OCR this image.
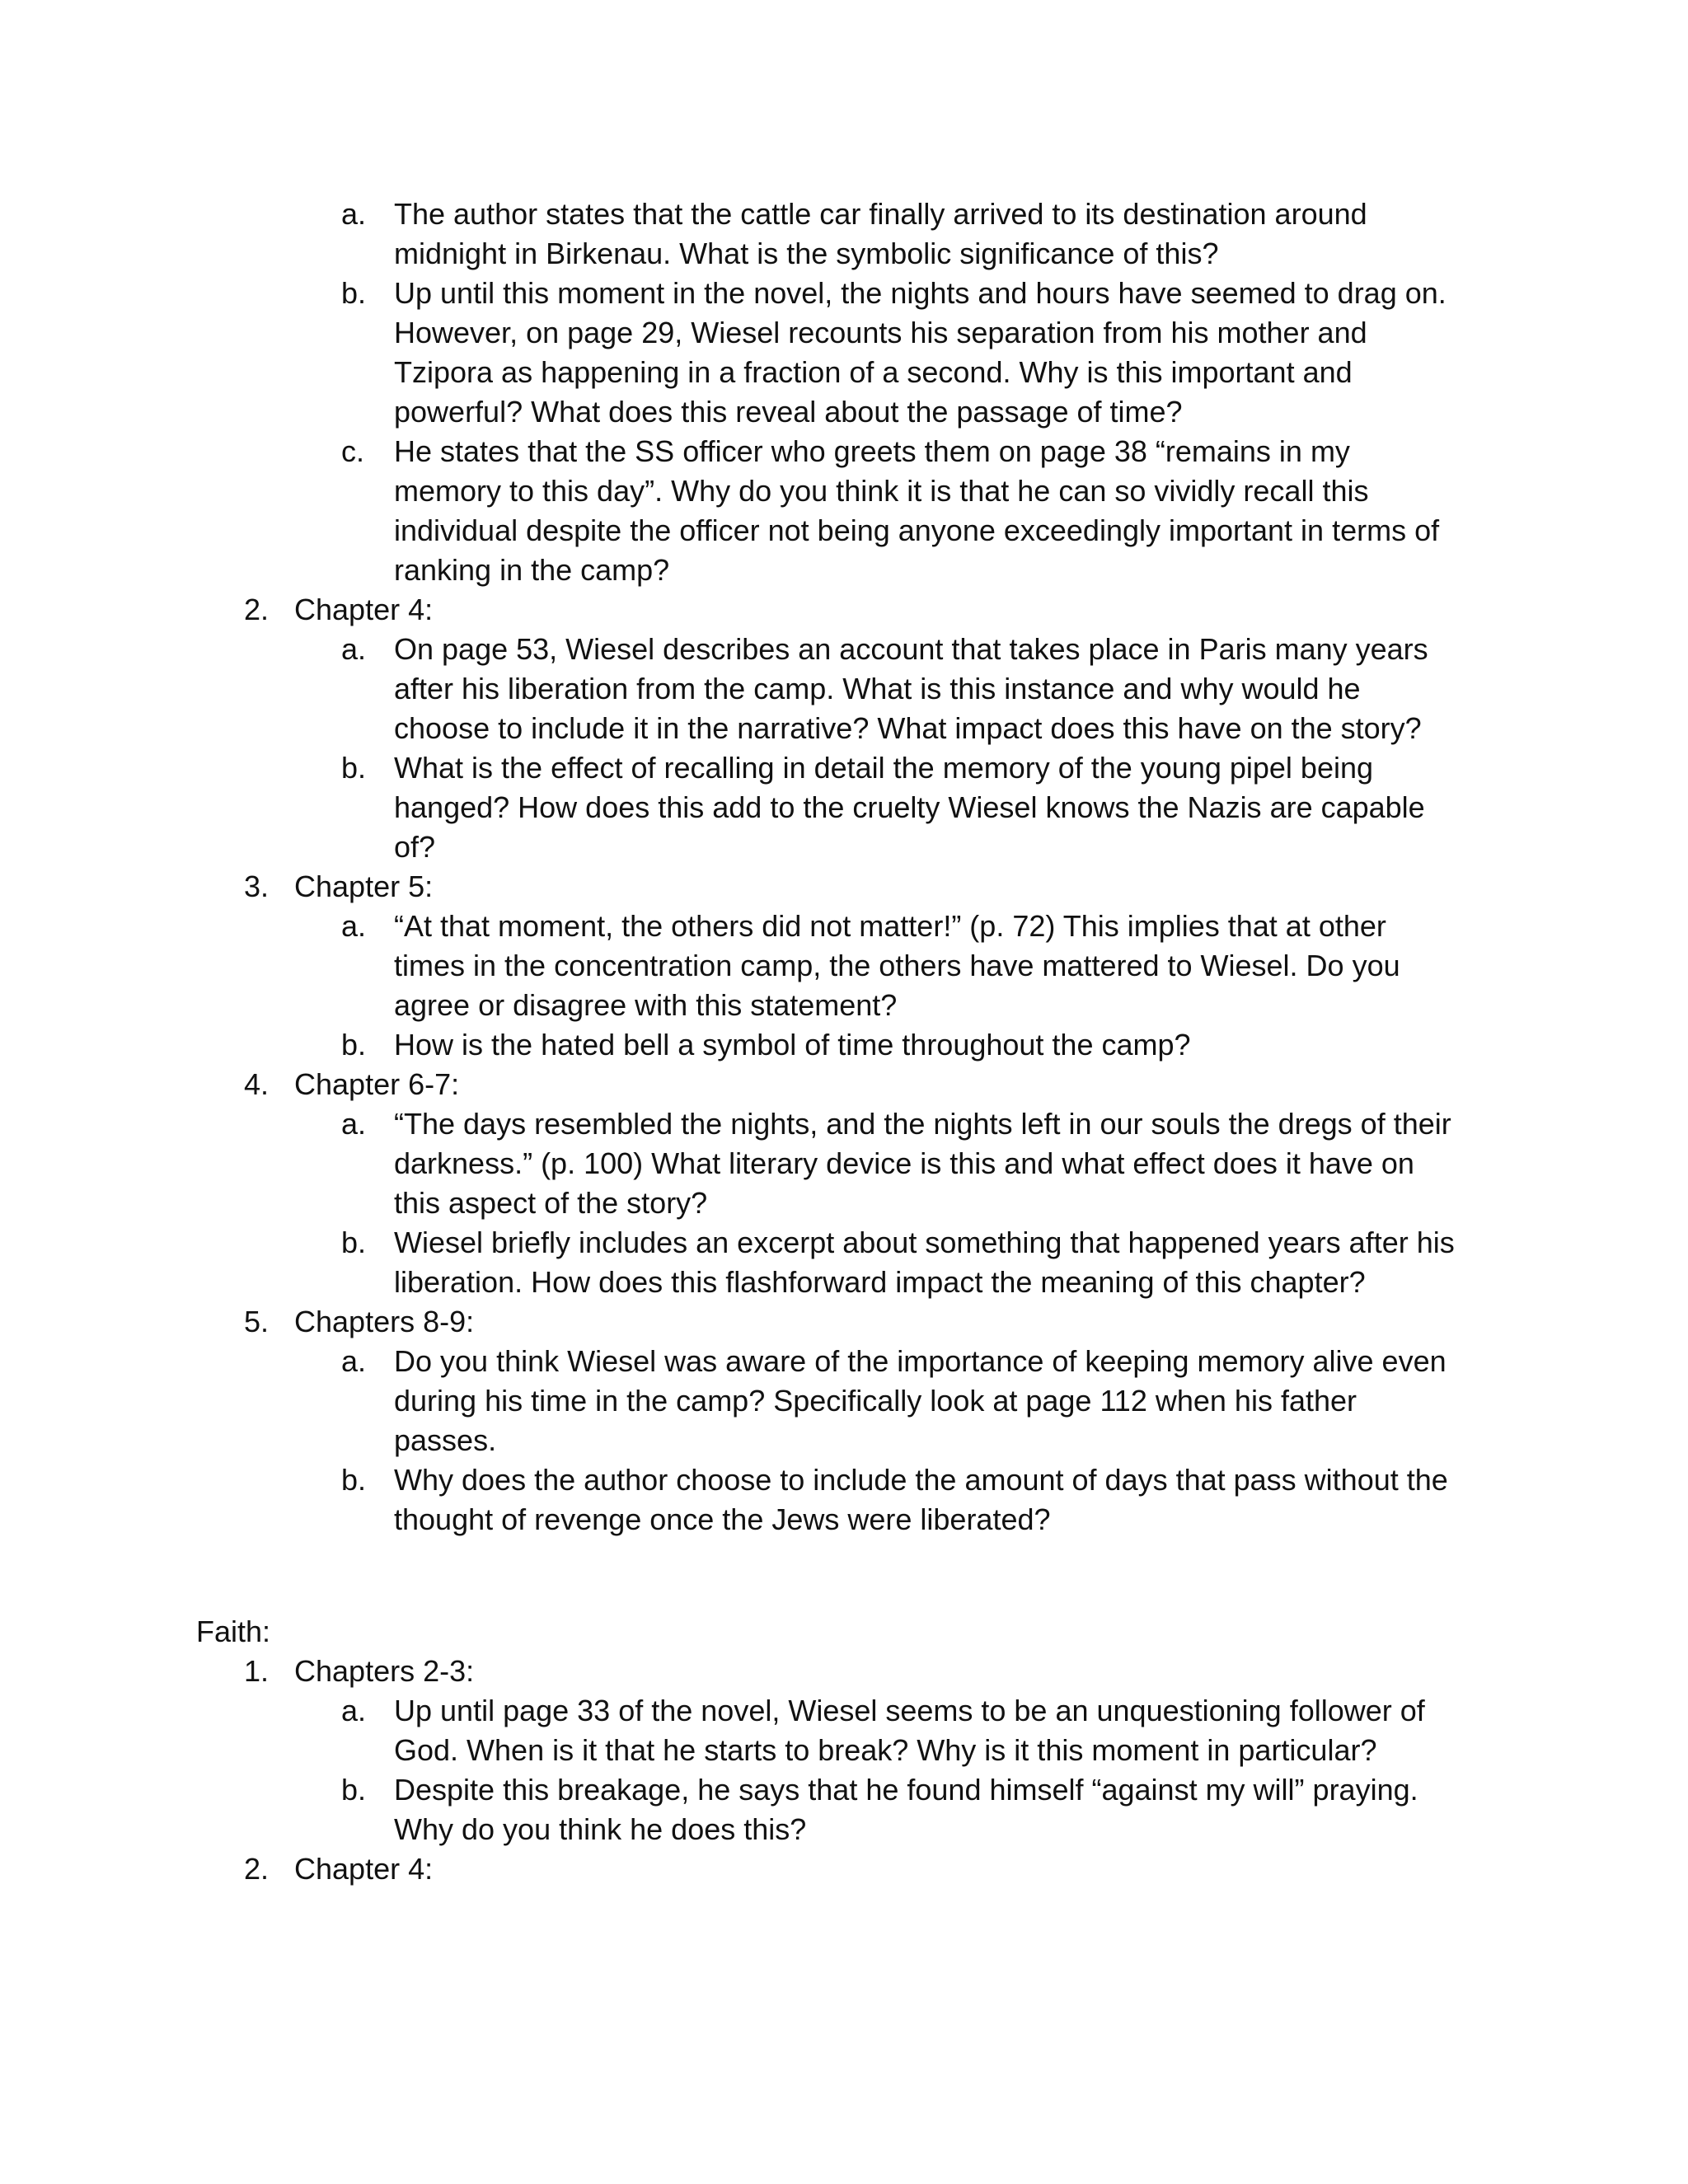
a. The author states that the cattle car finally arrived to its destination around
midnight in Birkenau. What is the symbolic significance of this?
b. Up until this moment in the novel, the nights and hours have seemed to drag on.
However, on page 29, Wiesel recounts his separation from his mother and
Tzipora as happening in a fraction of a second. Why is this important and
powerful? What does this reveal about the passage of time?
c. He states that the SS officer who greets them on page 38 “remains in my
memory to this day”. Why do you think it is that he can so vividly recall this
individual despite the officer not being anyone exceedingly important in terms of
ranking in the camp?
2. Chapter 4:
a. On page 53, Wiesel describes an account that takes place in Paris many years
after his liberation from the camp. What is this instance and why would he
choose to include it in the narrative? What impact does this have on the story?
b. What is the effect of recalling in detail the memory of the young pipel being
hanged? How does this add to the cruelty Wiesel knows the Nazis are capable
of?
3. Chapter 5:
a. “At that moment, the others did not matter!” (p. 72) This implies that at other
times in the concentration camp, the others have mattered to Wiesel. Do you
agree or disagree with this statement?
b. How is the hated bell a symbol of time throughout the camp?
4. Chapter 6-7:
a. “The days resembled the nights, and the nights left in our souls the dregs of their
darkness.” (p. 100) What literary device is this and what effect does it have on
this aspect of the story?
b. Wiesel briefly includes an excerpt about something that happened years after his
liberation. How does this flashforward impact the meaning of this chapter?
5. Chapters 8-9:
a. Do you think Wiesel was aware of the importance of keeping memory alive even
during his time in the camp? Specifically look at page 112 when his father
passes.
b. Why does the author choose to include the amount of days that pass without the
thought of revenge once the Jews were liberated?
Faith:
1. Chapters 2-3:
a. Up until page 33 of the novel, Wiesel seems to be an unquestioning follower of
God. When is it that he starts to break? Why is it this moment in particular?
b. Despite this breakage, he says that he found himself “against my will” praying.
Why do you think he does this?
2. Chapter 4:
